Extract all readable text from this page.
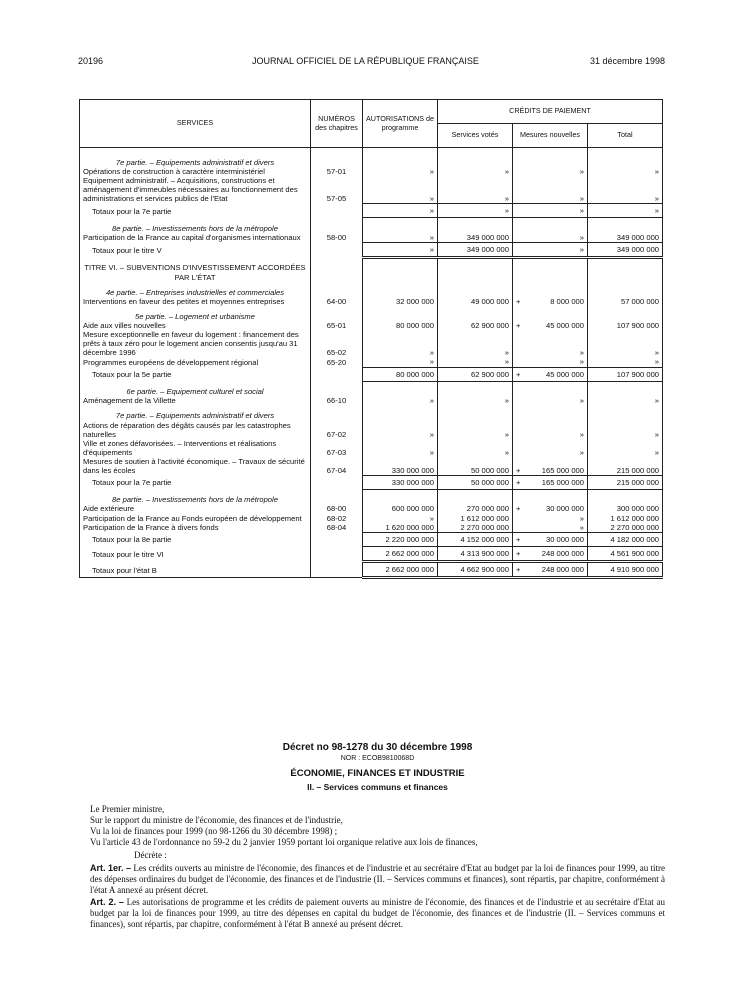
20196	JOURNAL OFFICIEL DE LA RÉPUBLIQUE FRANÇAISE	31 décembre 1998
SERVICES	NUMÉROS des chapitres	AUTORISATIONS de programme	CRÉDITS DE PAIEMENT		
			Services votés	Mesures nouvelles	Total

7e partie. – Equipements administratif et divers					
Opérations de construction à caractère interministériel	57-01	»	»	»	»
Equipement administratif. – Acquisitions, constructions et aménagement d'immeubles nécessaires au fonctionnement des administrations et services publics de l'Etat	57-05	»	»	»	»
Totaux pour la 7e partie		»	»	»	»
8e partie. – Investissements hors de la métropole					
Participation de la France au capital d'organismes internationaux	58-00	»	349 000 000	»	349 000 000
Totaux pour le titre V		»	349 000 000	»	349 000 000
TITRE VI. – SUBVENTIONS D'INVESTISSEMENT ACCORDÉES PAR L'ÉTAT					
4e partie. – Entreprises industrielles et commerciales					
Interventions en faveur des petites et moyennes entreprises	64-00	32 000 000	49 000 000	+ 8 000 000	57 000 000
5e partie. – Logement et urbanisme					
Aide aux villes nouvelles	65-01	80 000 000	62 900 000	+ 45 000 000	107 900 000
Mesure exceptionnelle en faveur du logement : financement des prêts à taux zéro pour le logement ancien consentis jusqu'au 31 décembre 1996	65-02	»	»	»	»
Programmes européens de développement régional	65-20	»	»	»	»
Totaux pour la 5e partie		80 000 000	62 900 000	+ 45 000 000	107 900 000
6e partie. – Equipement culturel et social					
Aménagement de la Villette	66-10	»	»	»	»
7e partie. – Equipements administratif et divers					
Actions de réparation des dégâts causés par les catastrophes naturelles	67-02	»	»	»	»
Ville et zones défavorisées. – Interventions et réalisations d'équipements	67-03	»	»	»	»
Mesures de soutien à l'activité économique. – Travaux de sécurité dans les écoles	67-04	330 000 000	50 000 000	+ 165 000 000	215 000 000
Totaux pour la 7e partie		330 000 000	50 000 000	+ 165 000 000	215 000 000
8e partie. – Investissements hors de la métropole					
Aide extérieure	68-00	600 000 000	270 000 000	+ 30 000 000	300 000 000
Participation de la France au Fonds européen de développement	68-02	»	1 612 000 000	»	1 612 000 000
Participation de la France à divers fonds	68-04	1 620 000 000	2 270 000 000	»	2 270 000 000
Totaux pour la 8e partie		2 220 000 000	4 152 000 000	+ 30 000 000	4 182 000 000
Totaux pour le titre VI		2 662 000 000	4 313 900 000	+ 248 000 000	4 561 900 000
Totaux pour l'état B		2 662 000 000	4 662 900 000	+ 248 000 000	4 910 900 000
Décret no 98-1278 du 30 décembre 1998
NOR : ECOB9810068D
ÉCONOMIE, FINANCES ET INDUSTRIE
II. – Services communs et finances

Le Premier ministre,

Sur le rapport du ministre de l'économie, des finances et de l'industrie,

Vu la loi de finances pour 1999 (no 98-1266 du 30 décembre 1998) ;

Vu l'article 43 de l'ordonnance no 59-2 du 2 janvier 1959 portant loi organique relative aux lois de finances,

Décrète :

Art. 1er. – Les crédits ouverts au ministre de l'économie, des finances et de l'industrie et au secrétaire d'Etat au budget par la loi de finances pour 1999, au titre des dépenses ordinaires du budget de l'économie, des finances et de l'industrie (II. – Services communs et finances), sont répartis, par chapitre, conformément à l'état A annexé au présent décret.

Art. 2. – Les autorisations de programme et les crédits de paiement ouverts au ministre de l'économie, des finances et de l'industrie et au secrétaire d'Etat au budget par la loi de finances pour 1999, au titre des dépenses en capital du budget de l'économie, des finances et de l'industrie (II. – Services communs et finances), sont répartis, par chapitre, conformément à l'état B annexé au présent décret.
